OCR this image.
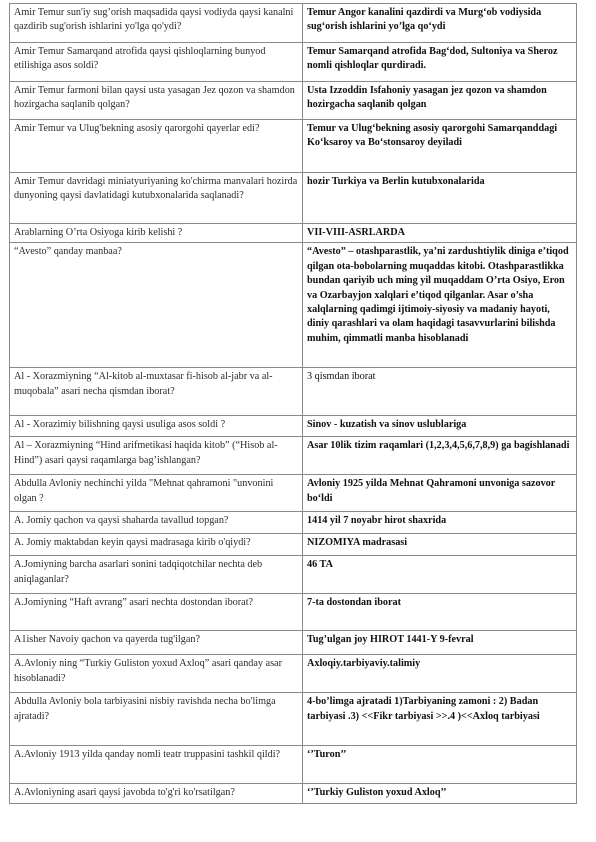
Amir Temur sun'iy sug’orish maqsadida qaysi vodiyda qaysi kanalni qazdirib sug'orish ishlarini yo'lga qo'ydi?	Temur Angor kanalini qazdirdi va Murg‘ob vodiysida sug‘orish ishlarini yo’lga qo‘ydi
Amir Temur Samarqand atrofida qaysi qishloqlarning bunyod etilishiga asos soldi?	Temur Samarqand atrofida Bag‘dod, Sultoniya va Sheroz nomli qishloqlar qurdiradi.
Amir Temur farmoni bilan qaysi usta yasagan Jez qozon va shamdon hozirgacha saqlanib qolgan?	Usta Izzoddin Isfahoniy yasagan jez qozon va shamdon hozirgacha saqlanib qolgan
Amir Temur va Ulug'bekning asosiy qarorgohi qayerlar edi?	Temur va Ulug‘bekning asosiy qarorgohi Samarqanddagi Ko‘ksaroy va Bo‘stonsaroy deyiladi
Amir Temur davridagi miniatyuriyaning ko'chirma manvalari hozirda dunyoning qaysi davlatidagi kutubxonalarida saqlanadi?	hozir Turkiya va Berlin kutubxonalarida
Arablarning O’rta Osiyoga kirib kelishi ?	VII-VIII-ASRLARDA
“Avesto” qanday manbaa?	“Avesto” – otashparastlik, ya’ni zardushtiylik diniga e’tiqod qilgan ota-bobolarning muqaddas kitobi. Otashparastlikka bundan qariyib uch ming yil muqaddam O’rta Osiyo, Eron va Ozarbayjon xalqlari e’tiqod qilganlar. Asar o’sha xalqlarning qadimgi ijtimoiy-siyosiy va madaniy hayoti, diniy qarashlari va olam haqidagi tasavvurlarini bilishda muhim, qimmatli manba hisoblanadi
Al - Xorazmiyning “Al-kitob al-muxtasar fi-hisob al-jabr va al-muqobala” asari necha qismdan iborat?	3 qismdan iborat
Al - Xorazimiy bilishning qaysi usuliga asos soldi ?	Sinov - kuzatish va sinov uslublariga
Al – Xorazmiyning “Hind arifmetikasi haqida kitob” (“Hisob al-Hind”) asari qaysi raqamlarga bag’ishlangan?	Asar 10lik tizim raqamlari (1,2,3,4,5,6,7,8,9) ga bagishlanadi
Abdulla Avloniy nechinchi yilda "Mehnat qahramoni "unvonini olgan ?	Avloniy 1925 yilda Mehnat Qahramoni unvoniga sazovor bo‘ldi
A. Jomiy qachon va qaysi shaharda tavallud topgan?	1414 yil 7 noyabr hirot shaxrida
A. Jomiy maktabdan keyin qaysi madrasaga kirib o'qiydi?	NIZOMIYA madrasasi
A.Jomiyning barcha asarlari sonini tadqiqotchilar nechta deb aniqlaganlar?	46 TA
A.Jomiyning “Haft avrang” asari nechta dostondan iborat?	7-ta dostondan iborat
A1isher Navoiy qachon va qayerda tug'ilgan?	Tug’ulgan joy HIROT 1441-Y 9-fevral
A.Avloniy ning “Turkiy Guliston yoxud Axloq” asari qanday asar hisoblanadi?	Axloqiy.tarbiyaviy.talimiy
Abdulla Avloniy bola tarbiyasini nisbiy ravishda necha bo'limga ajratadi?	4-bo’limga ajratadi 1)Tarbiyaning zamoni : 2) Badan tarbiyasi .3) <<Fikr tarbiyasi >>.4 )<<Axloq tarbiyasi
A.Avloniy 1913 yilda qanday nomli teatr truppasini tashkil qildi?	‘’Turon’’
A.Avloniyning asari qaysi javobda to'g'ri ko'rsatilgan?	‘’Turkiy Guliston yoxud Axloq’’
